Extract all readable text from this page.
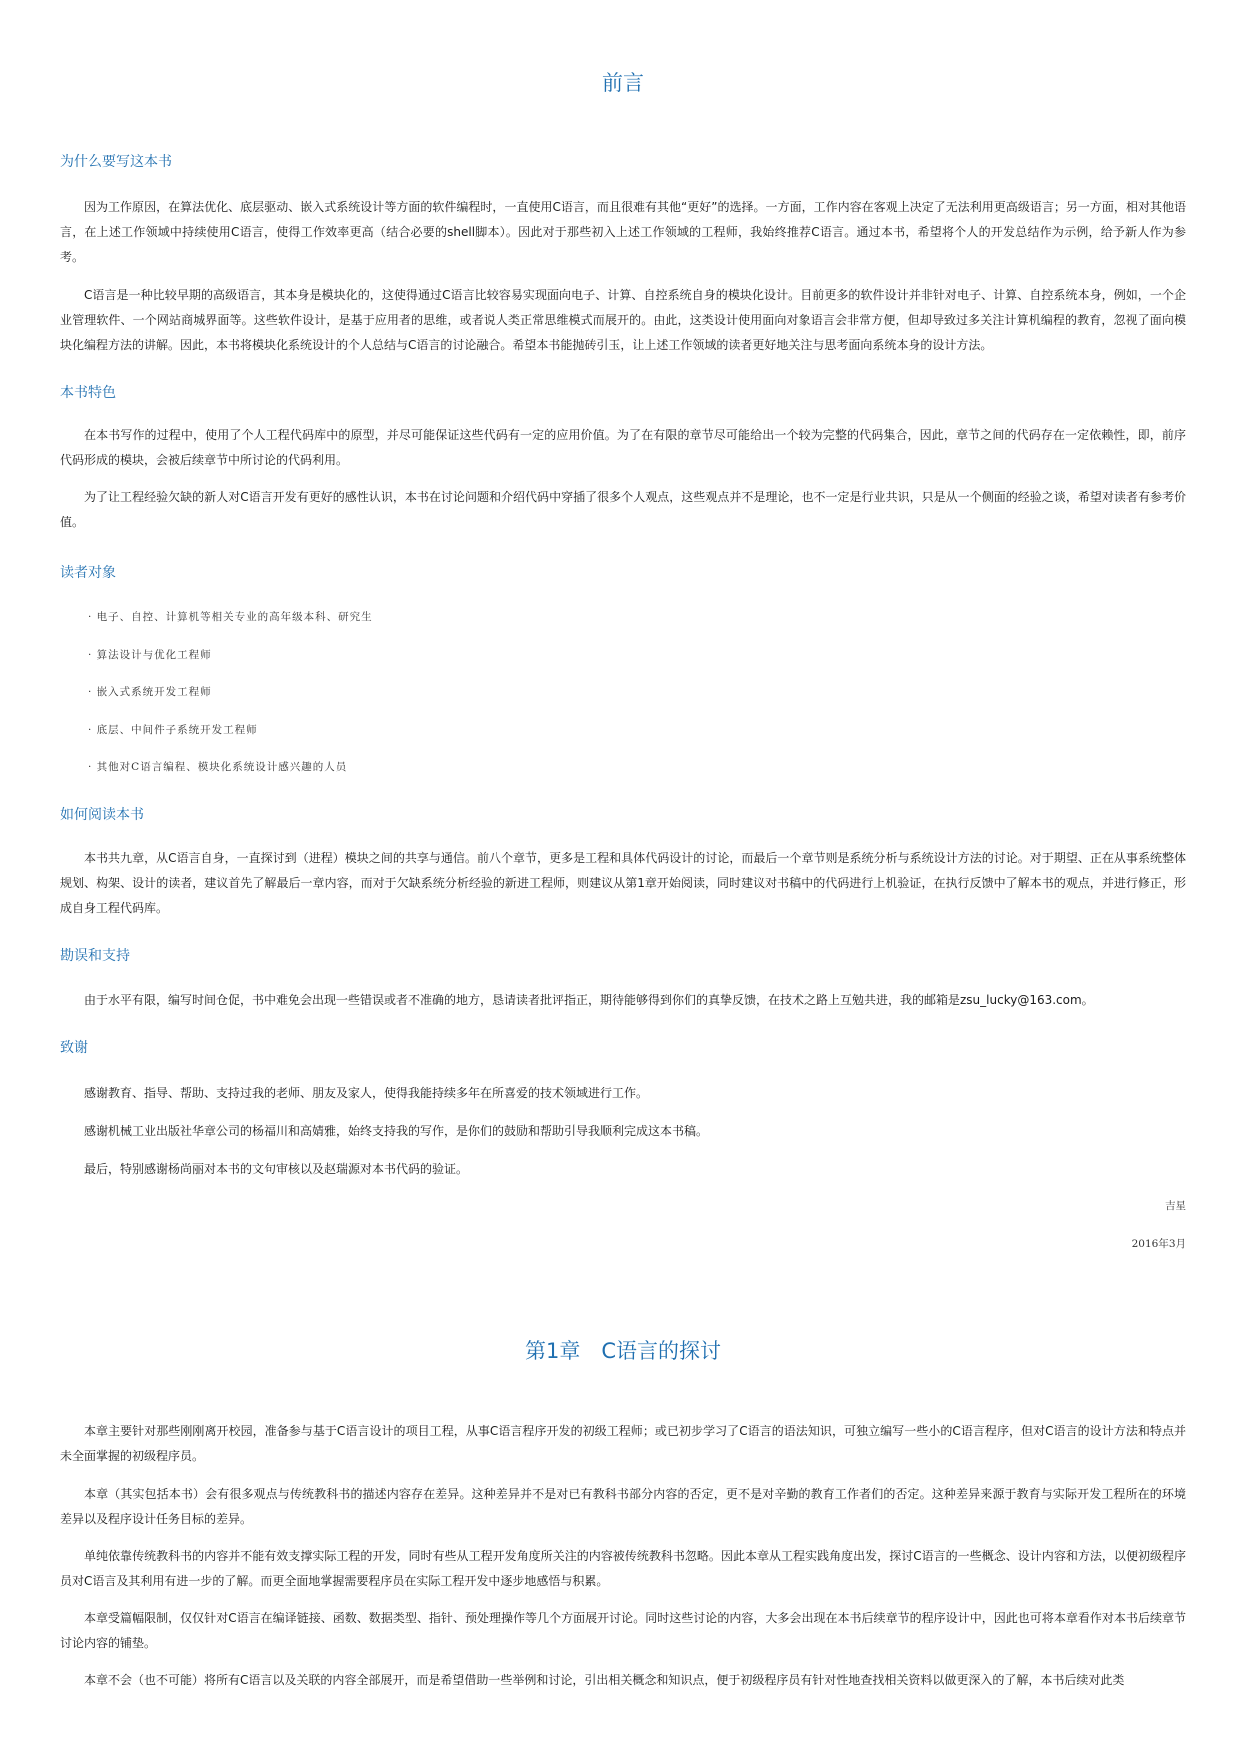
前言
为什么要写这本书

因为工作原因，在算法优化、底层驱动、嵌入式系统设计等方面的软件编程时，一直使用C语言，而且很难有其他“更好”的选择。一方面，工作内容在客观上决定了无法利用更高级语言；另一方面，相对其他语言，在上述工作领域中持续使用C语言，使得工作效率更高（结合必要的shell脚本）。因此对于那些初入上述工作领域的工程师，我始终推荐C语言。通过本书，希望将个人的开发总结作为示例，给予新人作为参考。

C语言是一种比较早期的高级语言，其本身是模块化的，这使得通过C语言比较容易实现面向电子、计算、自控系统自身的模块化设计。目前更多的软件设计并非针对电子、计算、自控系统本身，例如，一个企业管理软件、一个网站商城界面等。这些软件设计，是基于应用者的思维，或者说人类正常思维模式而展开的。由此，这类设计使用面向对象语言会非常方便，但却导致过多关注计算机编程的教育，忽视了面向模块化编程方法的讲解。因此，本书将模块化系统设计的个人总结与C语言的讨论融合。希望本书能抛砖引玉，让上述工作领域的读者更好地关注与思考面向系统本身的设计方法。

本书特色

在本书写作的过程中，使用了个人工程代码库中的原型，并尽可能保证这些代码有一定的应用价值。为了在有限的章节尽可能给出一个较为完整的代码集合，因此，章节之间的代码存在一定依赖性，即，前序代码形成的模块，会被后续章节中所讨论的代码利用。

为了让工程经验欠缺的新人对C语言开发有更好的感性认识，本书在讨论问题和介绍代码中穿插了很多个人观点，这些观点并不是理论，也不一定是行业共识，只是从一个侧面的经验之谈，希望对读者有参考价值。

读者对象

· 电子、自控、计算机等相关专业的高年级本科、研究生

· 算法设计与优化工程师

· 嵌入式系统开发工程师

· 底层、中间件子系统开发工程师

· 其他对C语言编程、模块化系统设计感兴趣的人员

如何阅读本书

本书共九章，从C语言自身，一直探讨到（进程）模块之间的共享与通信。前八个章节，更多是工程和具体代码设计的讨论，而最后一个章节则是系统分析与系统设计方法的讨论。对于期望、正在从事系统整体规划、构架、设计的读者，建议首先了解最后一章内容，而对于欠缺系统分析经验的新进工程师，则建议从第1章开始阅读，同时建议对书稿中的代码进行上机验证，在执行反馈中了解本书的观点，并进行修正，形成自身工程代码库。

勘误和支持

由于水平有限，编写时间仓促，书中难免会出现一些错误或者不准确的地方，恳请读者批评指正，期待能够得到你们的真挚反馈，在技术之路上互勉共进，我的邮箱是zsu_lucky@163.com。

致谢

感谢教育、指导、帮助、支持过我的老师、朋友及家人，使得我能持续多年在所喜爱的技术领域进行工作。

感谢机械工业出版社华章公司的杨福川和高婧雅，始终支持我的写作，是你们的鼓励和帮助引导我顺利完成这本书稿。

最后，特别感谢杨尚丽对本书的文句审核以及赵瑞源对本书代码的验证。

吉星

2016年3月

第1章　C语言的探讨

本章主要针对那些刚刚离开校园，准备参与基于C语言设计的项目工程，从事C语言程序开发的初级工程师；或已初步学习了C语言的语法知识，可独立编写一些小的C语言程序，但对C语言的设计方法和特点并未全面掌握的初级程序员。

本章（其实包括本书）会有很多观点与传统教科书的描述内容存在差异。这种差异并不是对已有教科书部分内容的否定，更不是对辛勤的教育工作者们的否定。这种差异来源于教育与实际开发工程所在的环境差异以及程序设计任务目标的差异。

单纯依靠传统教科书的内容并不能有效支撑实际工程的开发，同时有些从工程开发角度所关注的内容被传统教科书忽略。因此本章从工程实践角度出发，探讨C语言的一些概念、设计内容和方法，以便初级程序员对C语言及其利用有进一步的了解。而更全面地掌握需要程序员在实际工程开发中逐步地感悟与积累。

本章受篇幅限制，仅仅针对C语言在编译链接、函数、数据类型、指针、预处理操作等几个方面展开讨论。同时这些讨论的内容，大多会出现在本书后续章节的程序设计中，因此也可将本章看作对本书后续章节讨论内容的铺垫。

本章不会（也不可能）将所有C语言以及关联的内容全部展开，而是希望借助一些举例和讨论，引出相关概念和知识点，便于初级程序员有针对性地查找相关资料以做更深入的了解，本书后续对此类
